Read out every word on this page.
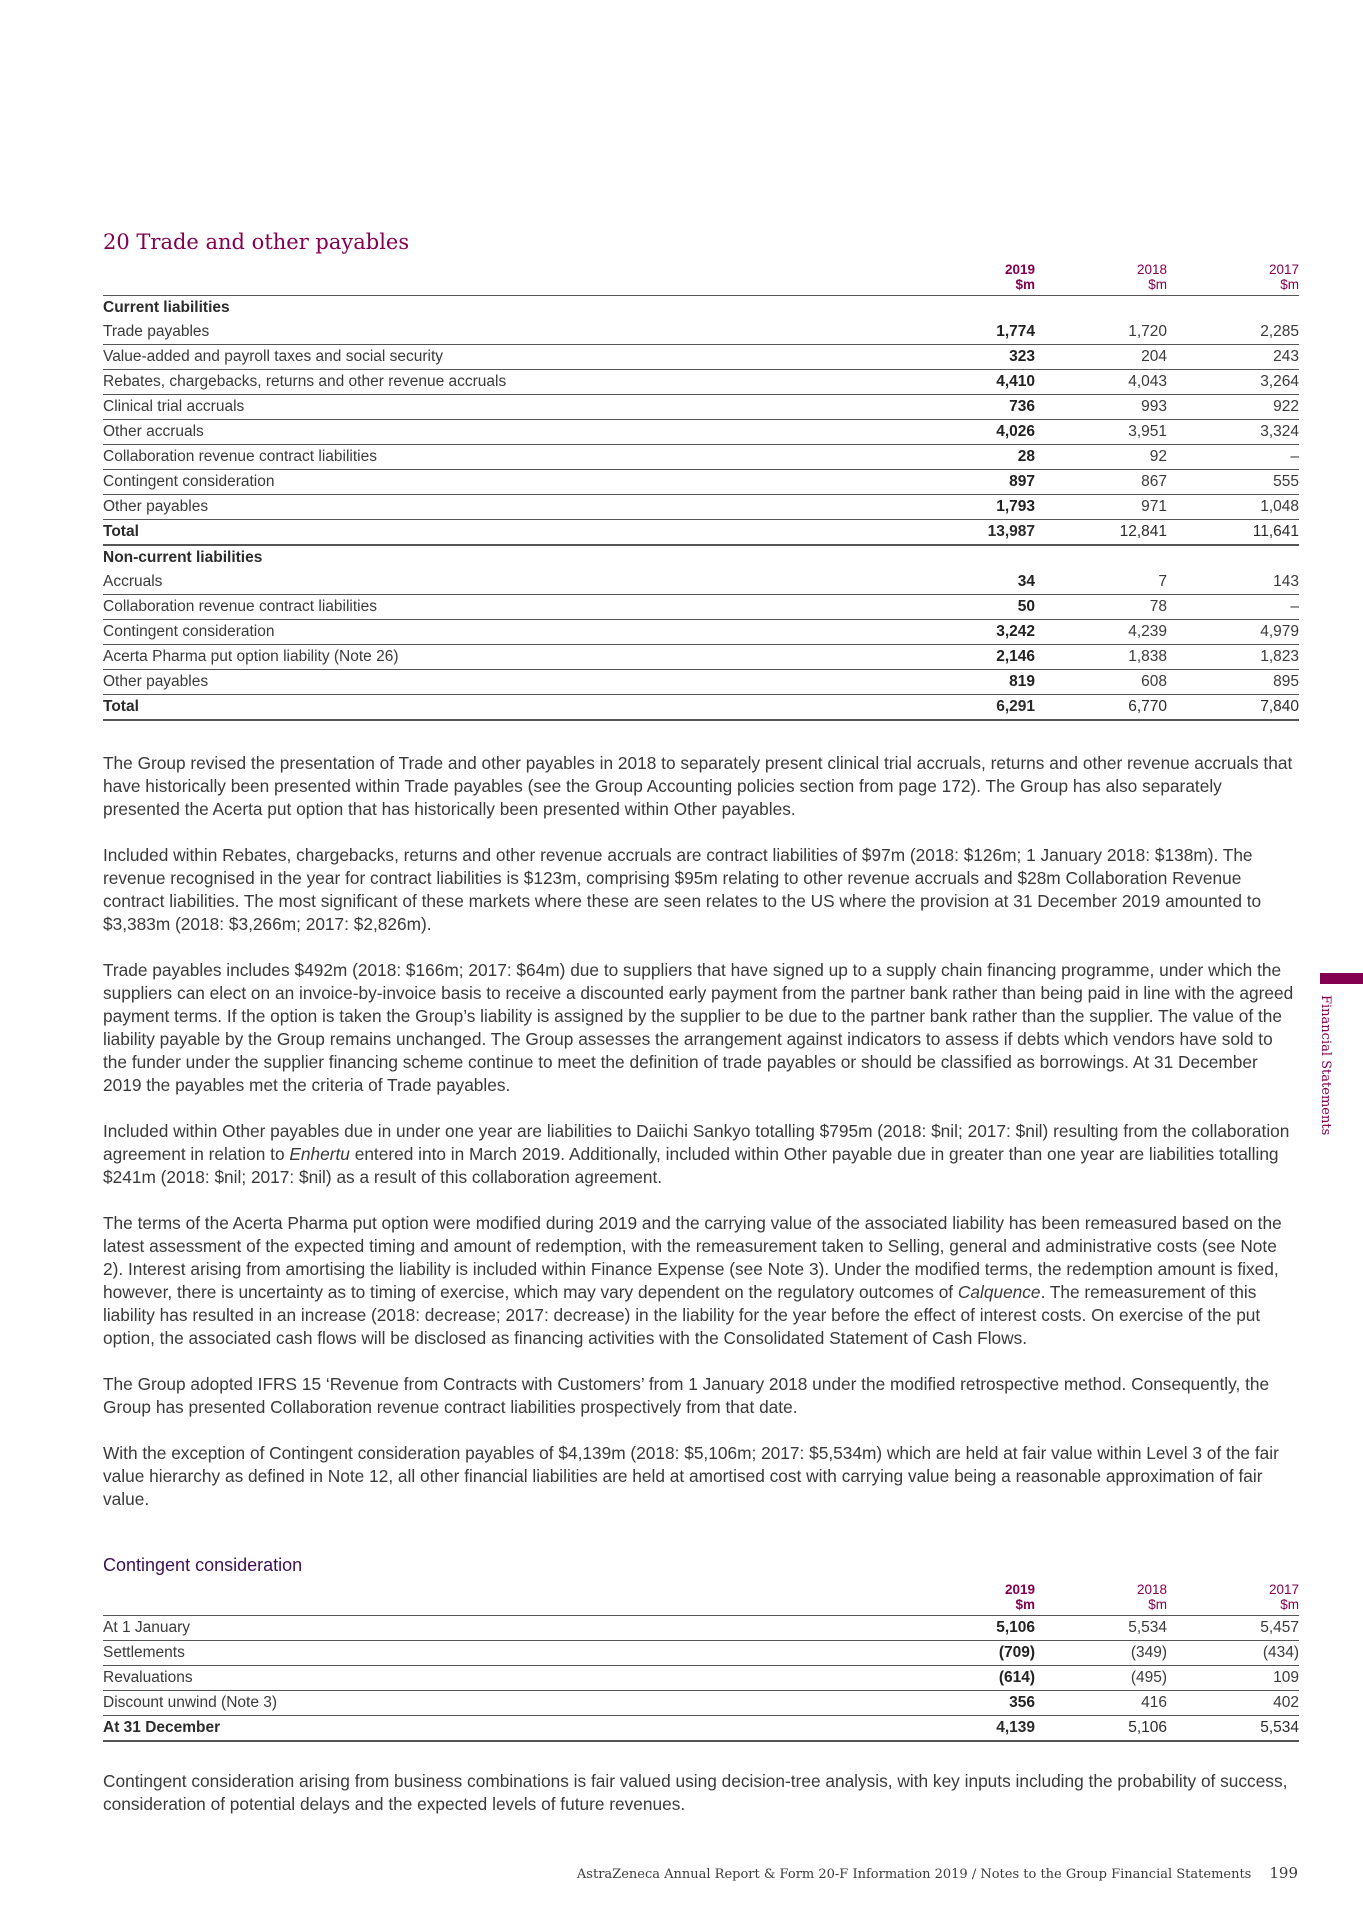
20 Trade and other payables
	2019
$m	2018
$m	2017
$m
Current liabilities			
Trade payables	1,774	1,720	2,285
Value-added and payroll taxes and social security	323	204	243
Rebates, chargebacks, returns and other revenue accruals	4,410	4,043	3,264
Clinical trial accruals	736	993	922
Other accruals	4,026	3,951	3,324
Collaboration revenue contract liabilities	28	92	–
Contingent consideration	897	867	555
Other payables	1,793	971	1,048
Total	13,987	12,841	11,641
Non-current liabilities			
Accruals	34	7	143
Collaboration revenue contract liabilities	50	78	–
Contingent consideration	3,242	4,239	4,979
Acerta Pharma put option liability (Note 26)	2,146	1,838	1,823
Other payables	819	608	895
Total	6,291	6,770	7,840

The Group revised the presentation of Trade and other payables in 2018 to separately present clinical trial accruals, returns and other revenue accruals that have historically been presented within Trade payables (see the Group Accounting policies section from page 172). The Group has also separately presented the Acerta put option that has historically been presented within Other payables.

Included within Rebates, chargebacks, returns and other revenue accruals are contract liabilities of $97m (2018: $126m; 1 January 2018: $138m). The revenue recognised in the year for contract liabilities is $123m, comprising $95m relating to other revenue accruals and $28m Collaboration Revenue contract liabilities. The most significant of these markets where these are seen relates to the US where the provision at 31 December 2019 amounted to $3,383m (2018: $3,266m; 2017: $2,826m).

Trade payables includes $492m (2018: $166m; 2017: $64m) due to suppliers that have signed up to a supply chain financing programme, under which the suppliers can elect on an invoice-by-invoice basis to receive a discounted early payment from the partner bank rather than being paid in line with the agreed payment terms. If the option is taken the Group’s liability is assigned by the supplier to be due to the partner bank rather than the supplier. The value of the liability payable by the Group remains unchanged. The Group assesses the arrangement against indicators to assess if debts which vendors have sold to the funder under the supplier financing scheme continue to meet the definition of trade payables or should be classified as borrowings. At 31 December 2019 the payables met the criteria of Trade payables.

Included within Other payables due in under one year are liabilities to Daiichi Sankyo totalling $795m (2018: $nil; 2017: $nil) resulting from the collaboration agreement in relation to Enhertu entered into in March 2019. Additionally, included within Other payable due in greater than one year are liabilities totalling $241m (2018: $nil; 2017: $nil) as a result of this collaboration agreement.

The terms of the Acerta Pharma put option were modified during 2019 and the carrying value of the associated liability has been remeasured based on the latest assessment of the expected timing and amount of redemption, with the remeasurement taken to Selling, general and administrative costs (see Note 2). Interest arising from amortising the liability is included within Finance Expense (see Note 3). Under the modified terms, the redemption amount is fixed, however, there is uncertainty as to timing of exercise, which may vary dependent on the regulatory outcomes of Calquence. The remeasurement of this liability has resulted in an increase (2018: decrease; 2017: decrease) in the liability for the year before the effect of interest costs. On exercise of the put option, the associated cash flows will be disclosed as financing activities with the Consolidated Statement of Cash Flows.

The Group adopted IFRS 15 ‘Revenue from Contracts with Customers’ from 1 January 2018 under the modified retrospective method. Consequently, the Group has presented Collaboration revenue contract liabilities prospectively from that date.

With the exception of Contingent consideration payables of $4,139m (2018: $5,106m; 2017: $5,534m) which are held at fair value within Level 3 of the fair value hierarchy as defined in Note 12, all other financial liabilities are held at amortised cost with carrying value being a reasonable approximation of fair value.

Contingent consideration
	2019
$m	2018
$m	2017
$m
At 1 January	5,106	5,534	5,457
Settlements	(709)	(349)	(434)
Revaluations	(614)	(495)	109
Discount unwind (Note 3)	356	416	402
At 31 December	4,139	5,106	5,534

Contingent consideration arising from business combinations is fair valued using decision-tree analysis, with key inputs including the probability of success, consideration of potential delays and the expected levels of future revenues.

Financial Statements
AstraZeneca Annual Report & Form 20-F Information 2019 / Notes to the Group Financial Statements 199
